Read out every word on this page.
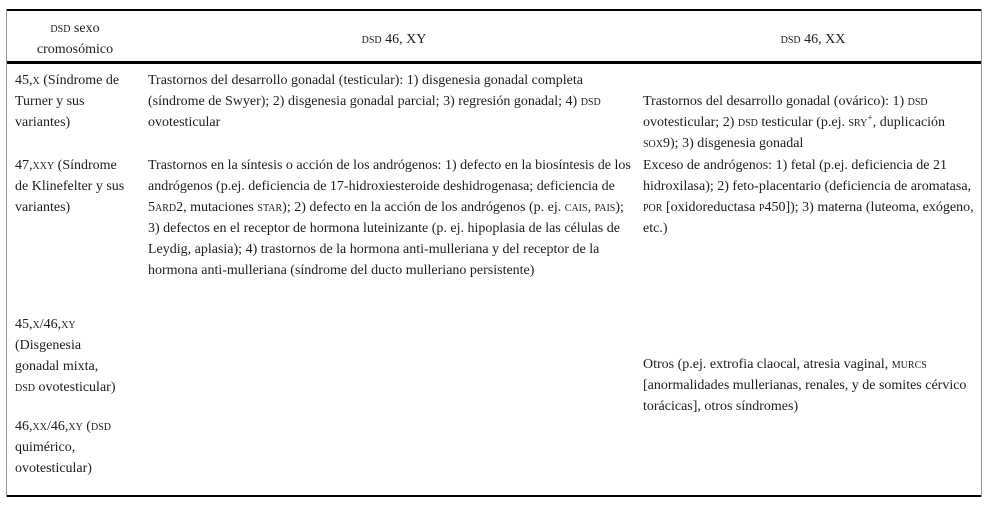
dsd sexo
cromosómico
dsd 46, XY	dsd 46, XX
45,x (Síndrome de Turner y sus variantes)
Trastornos del desarrollo gonadal (testicular): 1) disgenesia gonadal completa (síndrome de Swyer); 2) disgenesia gonadal parcial; 3) regresión gonadal; 4) dsd ovotesticular
Trastornos del desarrollo gonadal (ovárico): 1) dsd ovotesticular; 2) dsd testicular (p.ej. sry+, duplicación sox9); 3) disgenesia gonadal
47,xxy (Síndrome de Klinefelter y sus variantes)
Trastornos en la síntesis o acción de los andrógenos: 1) defecto en la biosíntesis de los andrógenos (p.ej. deficiencia de 17-hidroxiesteroide deshidrogenasa; deficiencia de 5ard2, mutaciones star); 2) defecto en la acción de los andrógenos (p. ej. cais, pais);
3) defectos en el receptor de hormona luteinizante (p. ej. hipoplasia de las células de Leydig, aplasia); 4) trastornos de la hormona anti-mulleriana y del receptor de la hormona anti-mulleriana (síndrome del ducto mulleriano persistente)
Exceso de andrógenos: 1) fetal (p.ej. deficiencia de 21 hidroxilasa); 2) feto-placentario (deficiencia de aromatasa, por [oxidoreductasa p450]); 3) materna (luteoma, exógeno, etc.)
45,x/46,xy (Disgenesia gonadal mixta, dsd ovotesticular)
Otros (p.ej. extrofia claocal, atresia vaginal, murcs [anormalidades mullerianas, renales, y de somites cérvico torácicas], otros síndromes)
46,xx/46,xy (dsd quimérico, ovotesticular)
